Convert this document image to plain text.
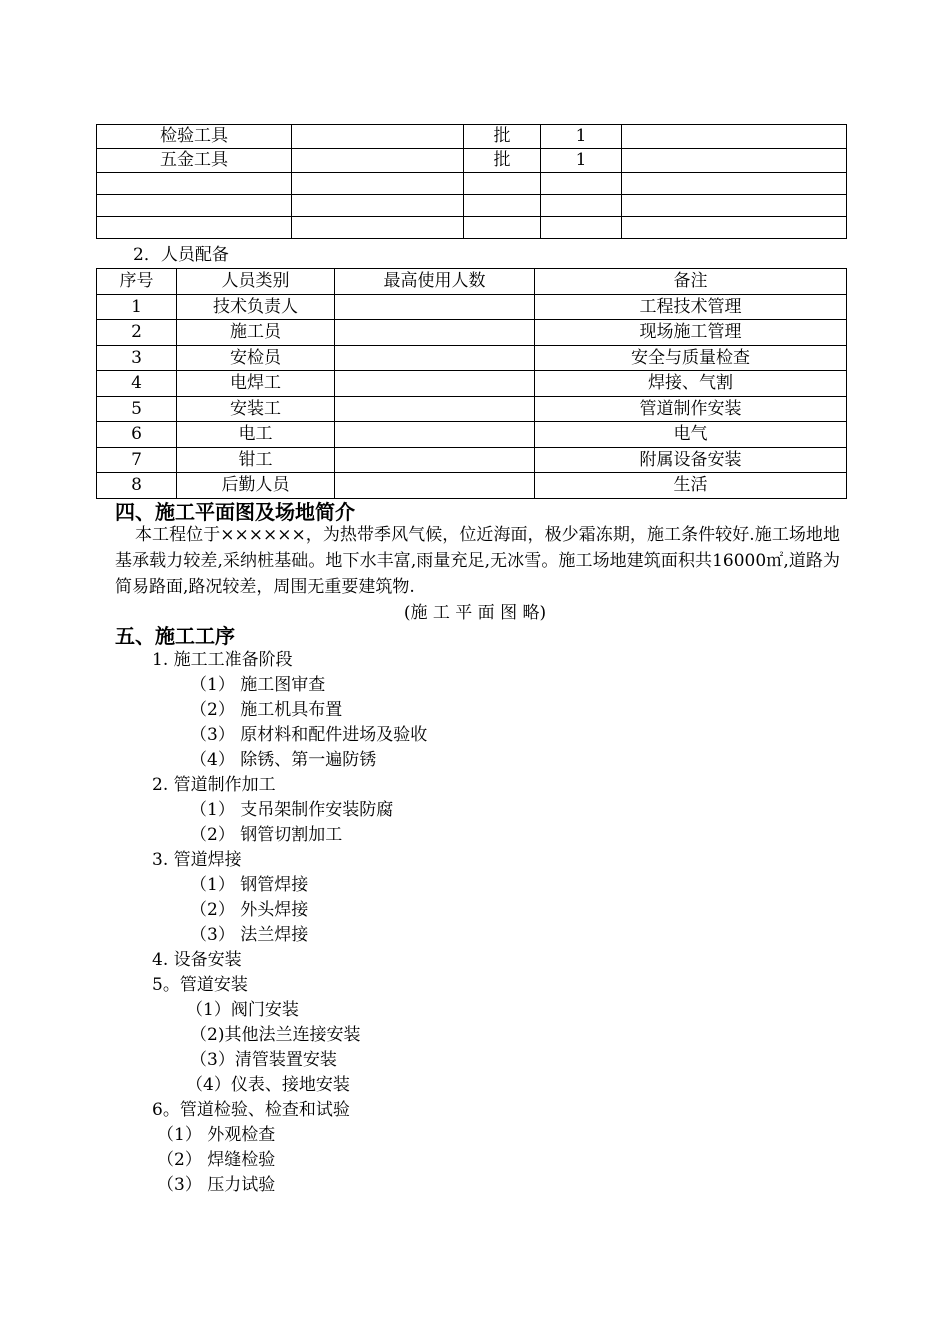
检验工具		批	1	
五金工具		批	1	

2．人员配备
序号	人员类别	最高使用人数	备注
1	技术负责人		工程技术管理
2	施工员		现场施工管理
3	安检员		安全与质量检查
4	电焊工		焊接、气割
5	安装工		管道制作安装
6	电工		电气
7	钳工		附属设备安装
8	后勤人员		生活
四、施工平面图及场地简介
本工程位于××××××，为热带季风气候，位近海面，极少霜冻期，施工条件较好.施工场地地基承载力较差,采纳桩基础。地下水丰富,雨量充足,无冰雪。施工场地建筑面积共16000㎡,道路为简易路面,路况较差，周围无重要建筑物.
(施 工 平 面 图 略)
五、施工工序
1. 施工工准备阶段
（1） 施工图审查
（2） 施工机具布置
（3） 原材料和配件进场及验收
（4） 除锈、第一遍防锈
2. 管道制作加工
（1） 支吊架制作安装防腐
（2） 钢管切割加工
3. 管道焊接
（1） 钢管焊接
（2） 外头焊接
（3） 法兰焊接
4. 设备安装
5。管道安装
（1）阀门安装
（2)其他法兰连接安装
（3）清管装置安装
（4）仪表、接地安装
6。管道检验、检查和试验
（1） 外观检查
（2） 焊缝检验
（3） 压力试验
